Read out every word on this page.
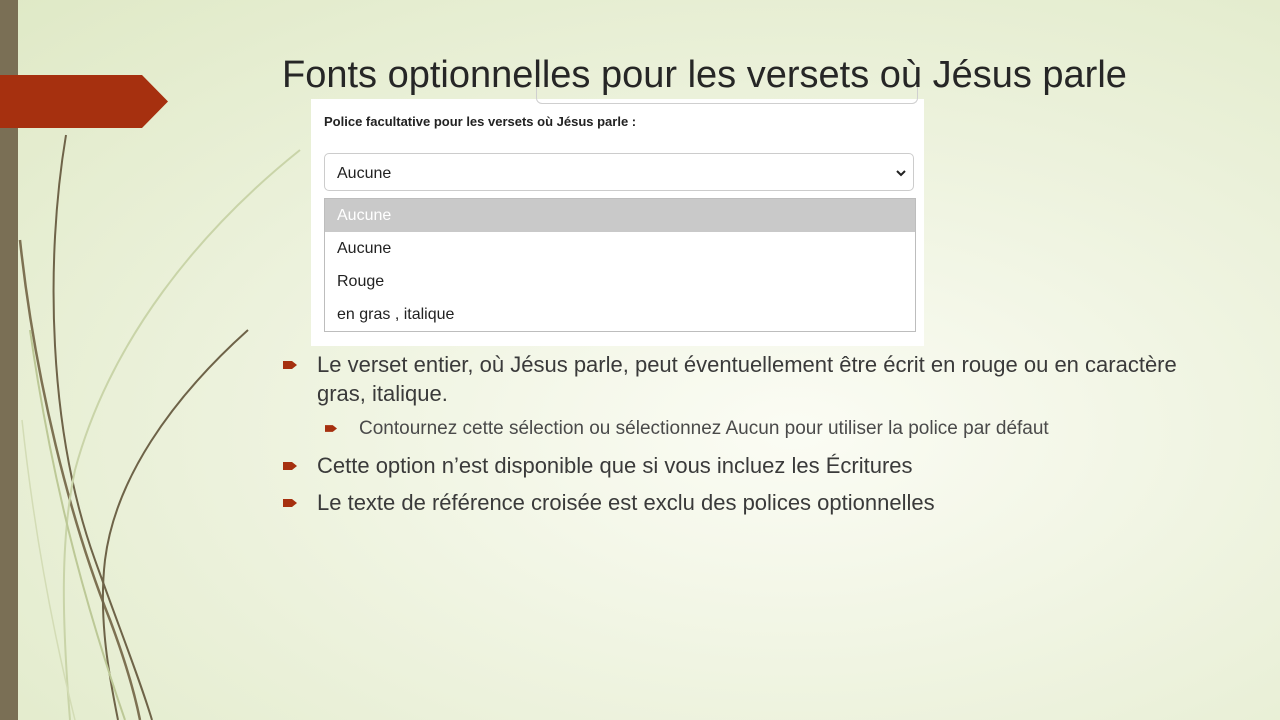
Fonts optionnelles pour les versets où Jésus parle
Police facultative pour les versets où Jésus parle :
Aucune
Aucune
Aucune
Rouge
en gras , italique
Le verset entier, où Jésus parle, peut éventuellement être écrit en rouge ou en caractère gras, italique.
Contournez cette sélection ou sélectionnez Aucun pour utiliser la police par défaut
Cette option n’est disponible que si vous incluez les Écritures
Le texte de référence croisée est exclu des polices optionnelles
